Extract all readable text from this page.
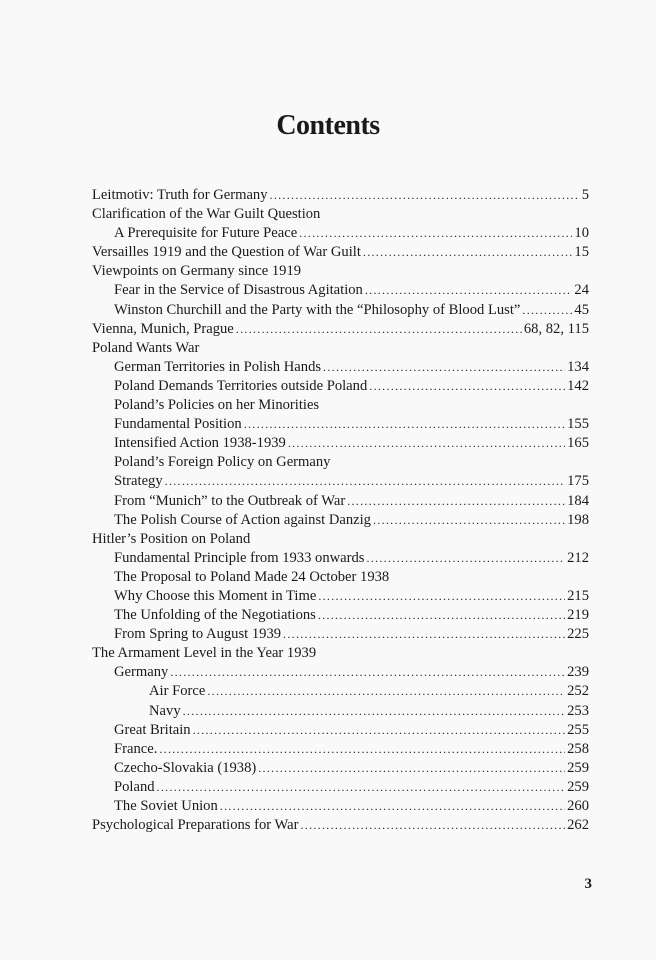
Contents
Leitmotiv: Truth for Germany .....	5
Clarification of the War Guilt Question
A Prerequisite for Future Peace .....	10
Versailles 1919 and the Question of War Guilt .....	15
Viewpoints on Germany since 1919
Fear in the Service of Disastrous Agitation .....	24
Winston Churchill and the Party with the “Philosophy of Blood Lust” .....	45
Vienna, Munich, Prague .....	68, 82, 115
Poland Wants War
German Territories in Polish Hands .....	134
Poland Demands Territories outside Poland .....	142
Poland’s Policies on her Minorities
Fundamental Position .....	155
Intensified Action 1938-1939 .....	165
Poland’s Foreign Policy on Germany
Strategy .....	175
From “Munich” to the Outbreak of War .....	184
The Polish Course of Action against Danzig .....	198
Hitler’s Position on Poland
Fundamental Principle from 1933 onwards .....	212
The Proposal to Poland Made 24 October 1938
Why Choose this Moment in Time .....	215
The Unfolding of the Negotiations .....	219
From Spring to August 1939 .....	225
The Armament Level in the Year 1939
Germany .....	239
Air Force .....	252
Navy .....	253
Great Britain .....	255
France. .....	258
Czecho-Slovakia (1938) .....	259
Poland .....	259
The Soviet Union .....	260
Psychological Preparations for War .....	262
3
